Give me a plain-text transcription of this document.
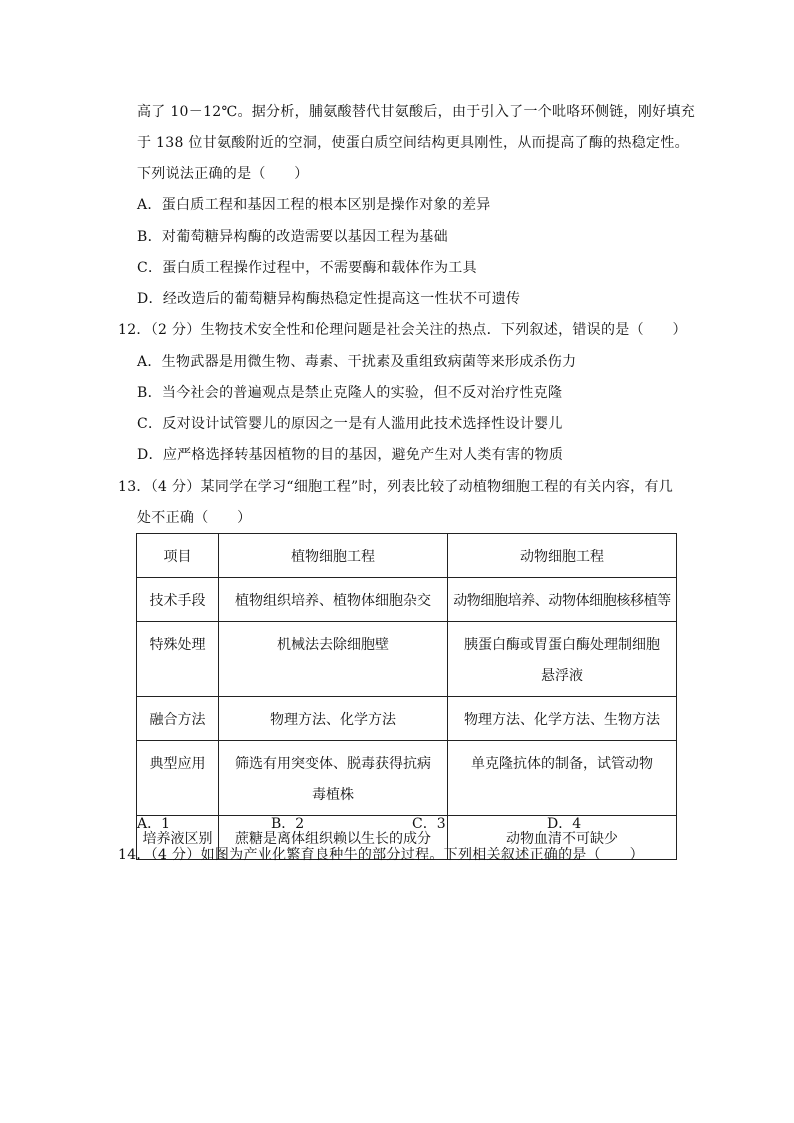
高了 10－12℃。据分析，脯氨酸替代甘氨酸后，由于引入了一个吡咯环侧链，刚好填充
于 138 位甘氨酸附近的空洞，使蛋白质空间结构更具刚性，从而提高了酶的热稳定性。
下列说法正确的是（　　）
A．蛋白质工程和基因工程的根本区别是操作对象的差异
B．对葡萄糖异构酶的改造需要以基因工程为基础
C．蛋白质工程操作过程中，不需要酶和载体作为工具
D．经改造后的葡萄糖异构酶热稳定性提高这一性状不可遗传
12．（2 分）生物技术安全性和伦理问题是社会关注的热点．下列叙述，错误的是（　　）
A．生物武器是用微生物、毒素、干扰素及重组致病菌等来形成杀伤力
B．当今社会的普遍观点是禁止克隆人的实验，但不反对治疗性克隆
C．反对设计试管婴儿的原因之一是有人滥用此技术选择性设计婴儿
D．应严格选择转基因植物的目的基因，避免产生对人类有害的物质
13．（4 分）某同学在学习“细胞工程”时，列表比较了动植物细胞工程的有关内容，有几
处不正确（　　）
项目	植物细胞工程	动物细胞工程
技术手段	植物组织培养、植物体细胞杂交	动物细胞培养、动物体细胞核移植等
特殊处理	机械法去除细胞壁	胰蛋白酶或胃蛋白酶处理制细胞悬浮液
融合方法	物理方法、化学方法	物理方法、化学方法、生物方法
典型应用	筛选有用突变体、脱毒获得抗病毒植株	单克隆抗体的制备，试管动物
培养液区别	蔗糖是离体组织赖以生长的成分	动物血清不可缺少
A．1	B．2	C．3	D．4
14．（4 分）如图为产业化繁育良种牛的部分过程。下列相关叙述正确的是（　　）
